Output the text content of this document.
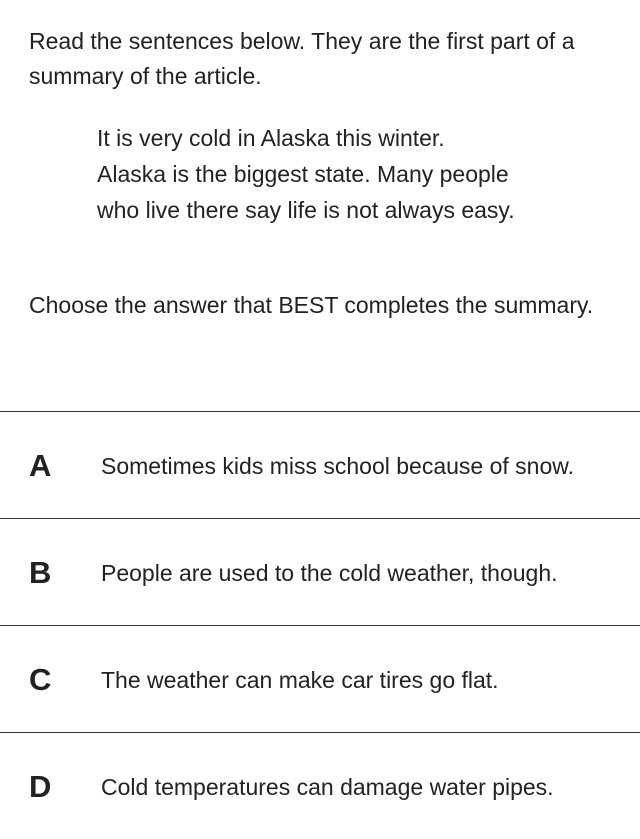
Read the sentences below. They are the first part of a summary of the article.

It is very cold in Alaska this winter. Alaska is the biggest state. Many people who live there say life is not always easy.

Choose the answer that BEST completes the summary.

A Sometimes kids miss school because of snow.
B People are used to the cold weather, though.
C The weather can make car tires go flat.
D Cold temperatures can damage water pipes.
